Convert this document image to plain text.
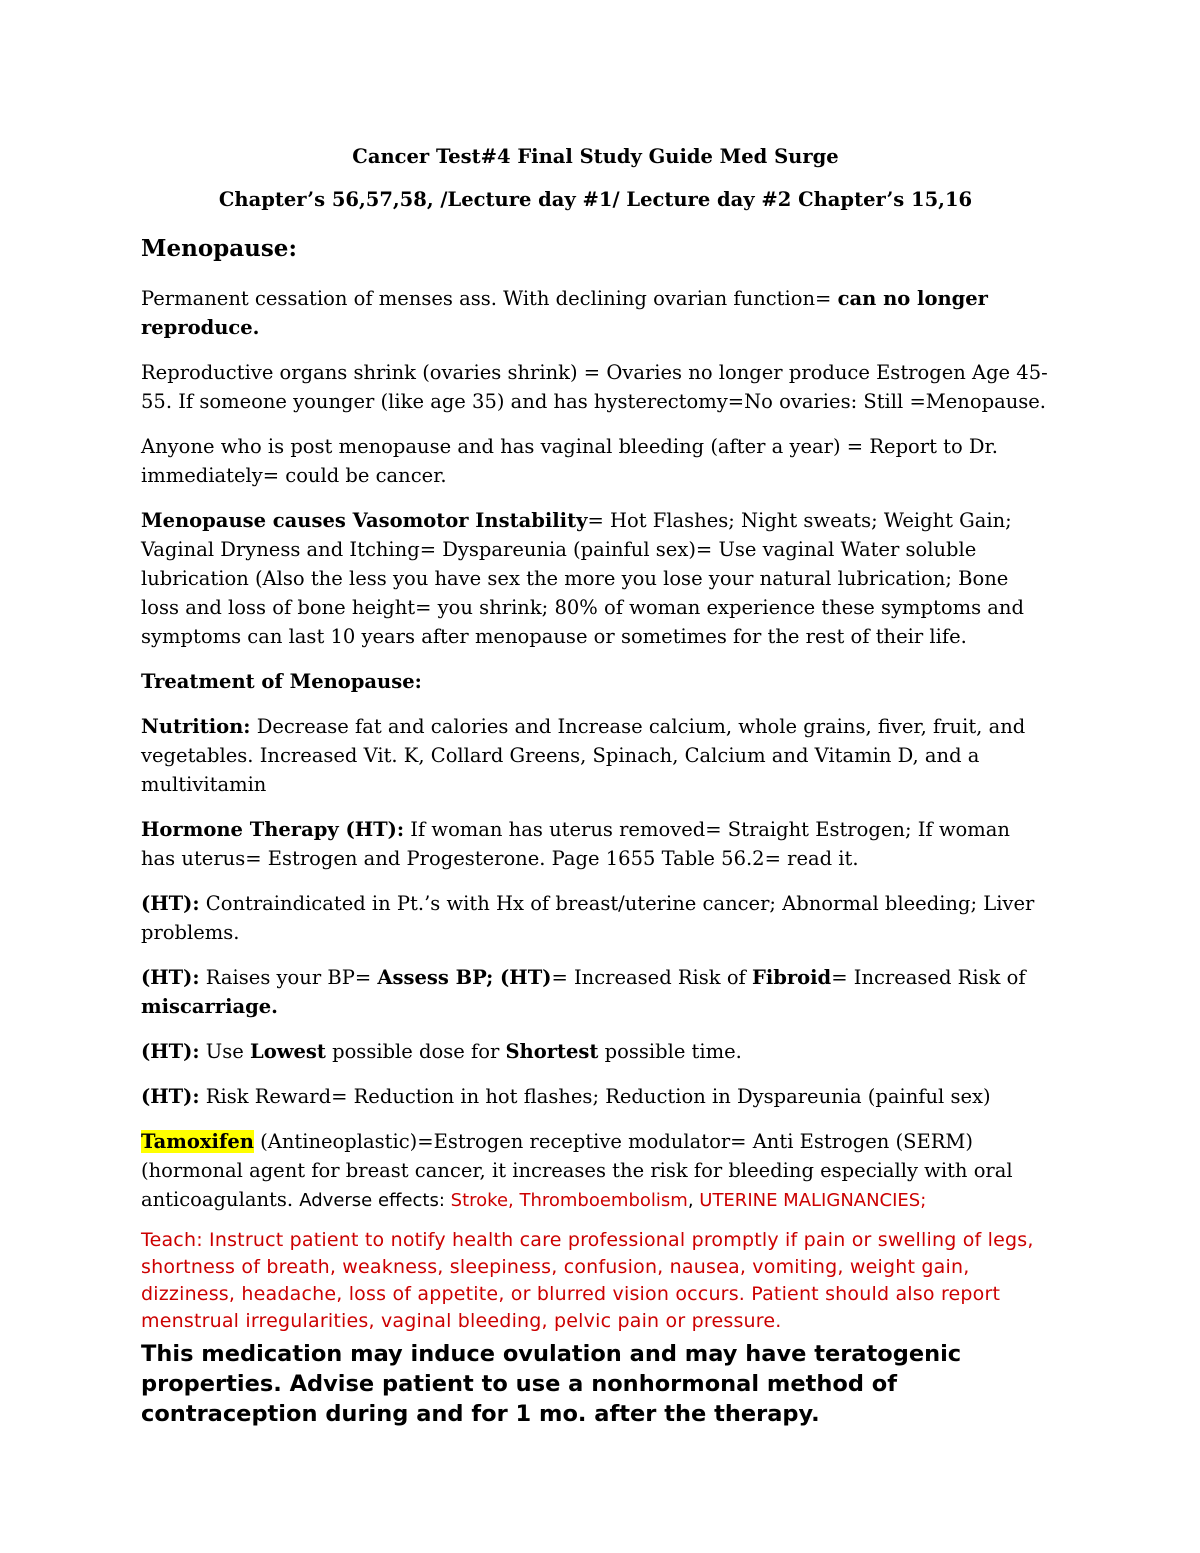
Cancer Test#4 Final Study Guide Med Surge

Chapter’s 56,57,58, /Lecture day #1/ Lecture day #2 Chapter’s 15,16

Menopause:

Permanent cessation of menses ass. With declining ovarian function= can no longer reproduce.

Reproductive organs shrink (ovaries shrink) = Ovaries no longer produce Estrogen Age 45-55. If someone younger (like age 35) and has hysterectomy=No ovaries: Still =Menopause.

Anyone who is post menopause and has vaginal bleeding (after a year) = Report to Dr. immediately= could be cancer.

Menopause causes Vasomotor Instability= Hot Flashes; Night sweats; Weight Gain; Vaginal Dryness and Itching= Dyspareunia (painful sex)= Use vaginal Water soluble lubrication (Also the less you have sex the more you lose your natural lubrication; Bone loss and loss of bone height= you shrink; 80% of woman experience these symptoms and symptoms can last 10 years after menopause or sometimes for the rest of their life.

Treatment of Menopause:

Nutrition: Decrease fat and calories and Increase calcium, whole grains, fiver, fruit, and vegetables. Increased Vit. K, Collard Greens, Spinach, Calcium and Vitamin D, and a multivitamin

Hormone Therapy (HT): If woman has uterus removed= Straight Estrogen; If woman has uterus= Estrogen and Progesterone. Page 1655 Table 56.2= read it.

(HT): Contraindicated in Pt.’s with Hx of breast/uterine cancer; Abnormal bleeding; Liver problems.

(HT): Raises your BP= Assess BP; (HT)= Increased Risk of Fibroid= Increased Risk of miscarriage.

(HT): Use Lowest possible dose for Shortest possible time.

(HT): Risk Reward= Reduction in hot flashes; Reduction in Dyspareunia (painful sex)

Tamoxifen (Antineoplastic)=Estrogen receptive modulator= Anti Estrogen (SERM) (hormonal agent for breast cancer, it increases the risk for bleeding especially with oral anticoagulants. Adverse effects: Stroke, Thromboembolism, UTERINE MALIGNANCIES;

Teach: Instruct patient to notify health care professional promptly if pain or swelling of legs, shortness of breath, weakness, sleepiness, confusion, nausea, vomiting, weight gain, dizziness, headache, loss of appetite, or blurred vision occurs. Patient should also report menstrual irregularities, vaginal bleeding, pelvic pain or pressure.

This medication may induce ovulation and may have teratogenic properties. Advise patient to use a nonhormonal method of contraception during and for 1 mo. after the therapy.
